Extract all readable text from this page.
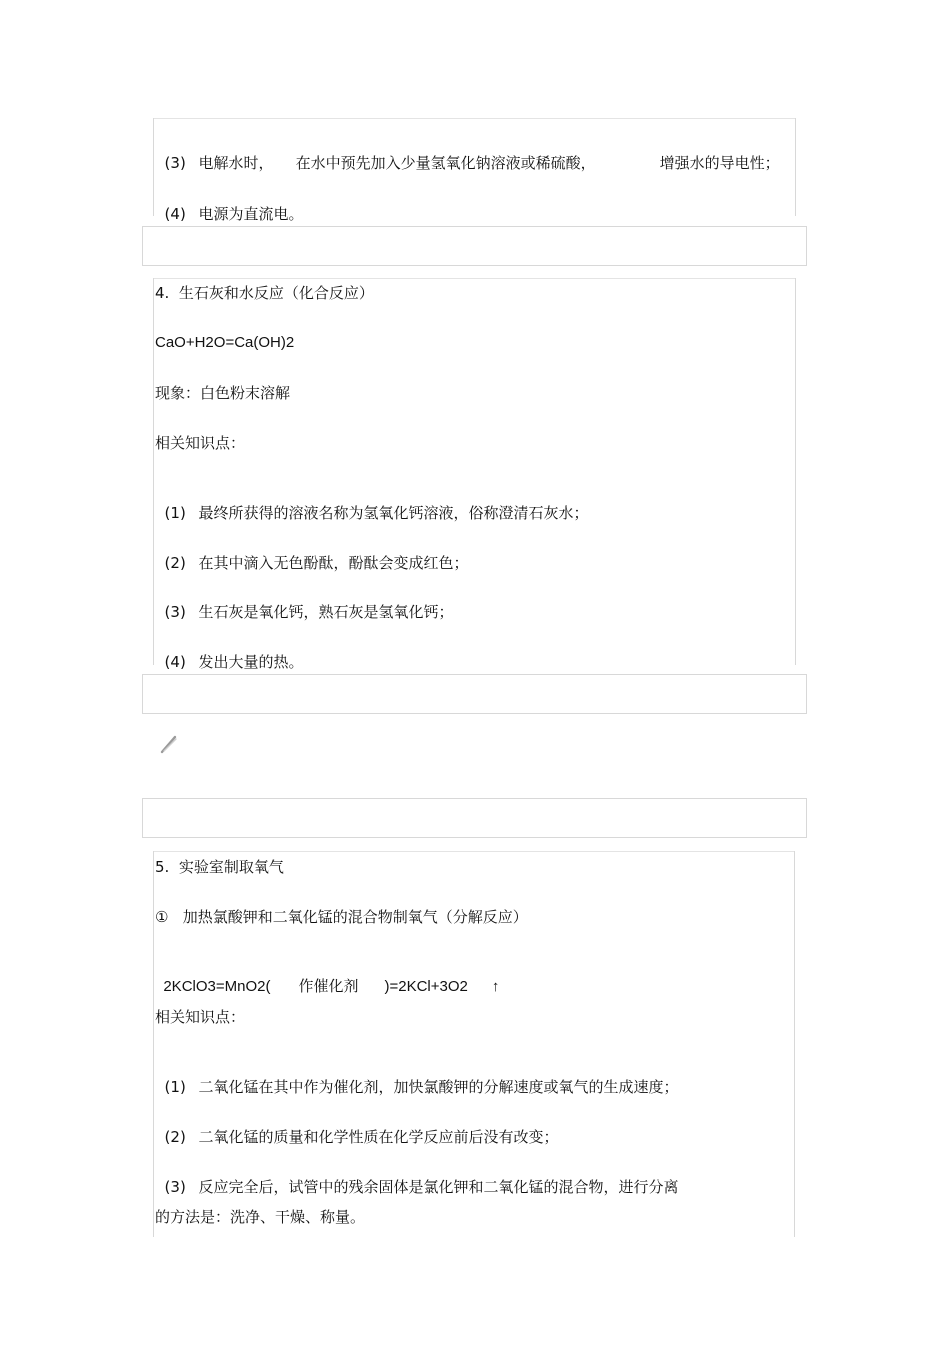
(3) 电解水时， 在水中预先加入少量氢氧化钠溶液或稀硫酸，	增强水的导电性；

(4) 电源为直流电。

4.  生石灰和水反应（化合反应）
CaO+H2O=Ca(OH)2
现象：白色粉末溶解
相关知识点：

(1) 最终所获得的溶液名称为氢氧化钙溶液，俗称澄清石灰水；

(2) 在其中滴入无色酚酞，酚酞会变成红色；

(3) 生石灰是氧化钙，熟石灰是氢氧化钙；

(4) 发出大量的热。

5.  实验室制取氧气
①   加热氯酸钾和二氧化锰的混合物制氧气（分解反应）

2KClO3=MnO2( 作催化剂 )=2KCl+3O2 ↑

相关知识点：

(1) 二氧化锰在其中作为催化剂，加快氯酸钾的分解速度或氧气的生成速度；

(2) 二氧化锰的质量和化学性质在化学反应前后没有改变；

(3) 反应完全后，试管中的残余固体是氯化钾和二氧化锰的混合物，进行分离

的方法是：洗净、干燥、称量。
